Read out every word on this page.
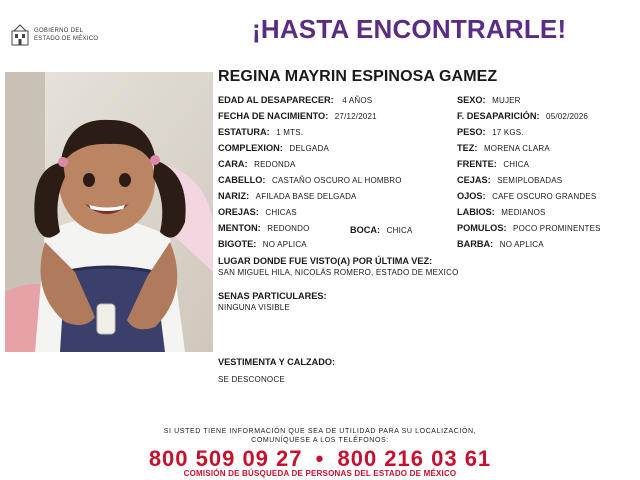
GOBIERNO DEL
ESTADO DE MÉXICO	¡HASTA ENCONTRARLE!
REGINA MAYRIN ESPINOSA GAMEZ
EDAD AL DESAPARECER: 4 AÑOS
FECHA DE NACIMIENTO: 27/12/2021
ESTATURA: 1 MTS.
COMPLEXION: DELGADA
CARA: REDONDA
CABELLO: CASTAÑO OSCURO AL HOMBRO
NARIZ: AFILADA BASE DELGADA
OREJAS: CHICAS
MENTON: REDONDO	BOCA: CHICA
BIGOTE: NO APLICA
SEXO: MUJER
F. DESAPARICIÓN: 05/02/2026
PESO: 17 KGS.
TEZ: MORENA CLARA
FRENTE: CHICA
CEJAS: SEMIPLOBADAS
OJOS: CAFE OSCURO GRANDES
LABIOS: MEDIANOS
POMULOS: POCO PROMINENTES
BARBA: NO APLICA
LUGAR DONDE FUE VISTO(A) POR ÚLTIMA VEZ:
SAN MIGUEL HILA, NICOLÁS ROMERO, ESTADO DE MEXICO
SENAS PARTICULARES:
NINGUNA VISIBLE
VESTIMENTA Y CALZADO:
SE DESCONOCE
SI USTED TIENE INFORMACIÓN QUE SEA DE UTILIDAD PARA SU LOCALIZACIÓN,
COMUNÍQUESE A LOS TELÉFONOS:
800 509 09 27 • 800 216 03 61
COMISIÓN DE BÚSQUEDA DE PERSONAS DEL ESTADO DE MÉXICO
